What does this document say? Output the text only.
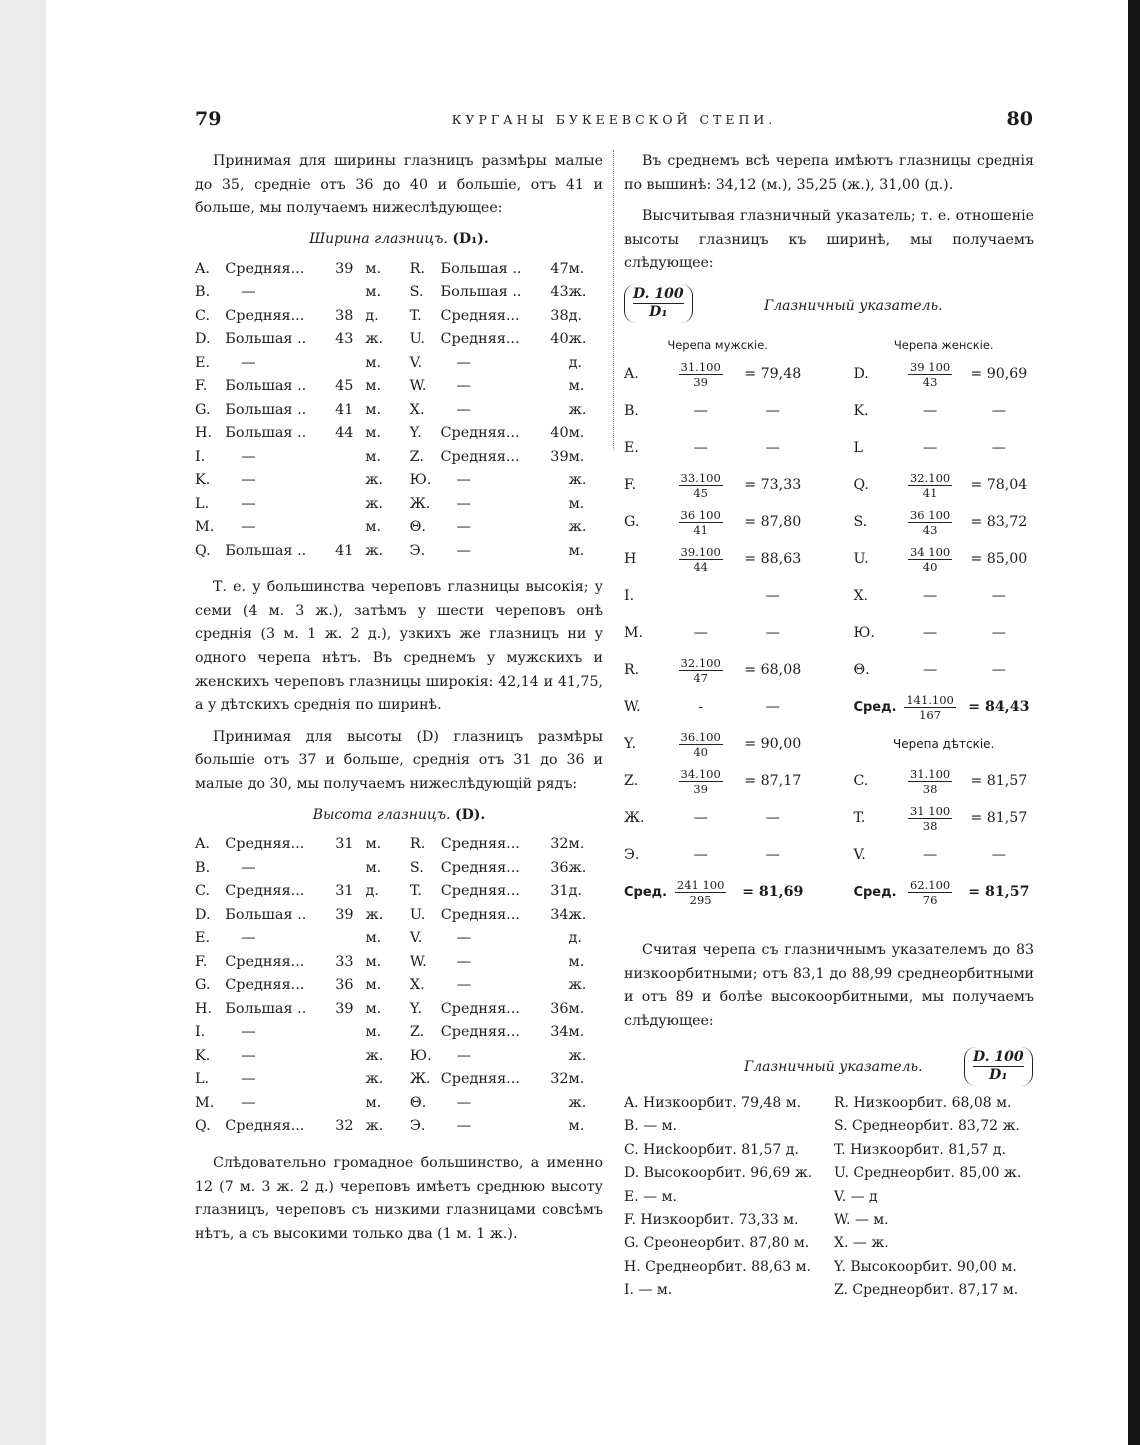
79	КУРГАНЫ БУКЕЕВСКОЙ СТЕПИ.	80

Принимая для ширины глазницъ размѣры малые до 35, средніе отъ 36 до 40 и большіе, отъ 41 и больше, мы получаемъ нижеслѣдующее:

Ширина глазницъ. (D₁).
A.	Средняя...	39		м.	R.	Большая ..	47	м.
B.	—			м.	S.	Большая ..	43	ж.
C.	Средняя...	38		д.	T.	Средняя...	38	д.
D.	Большая ..	43		ж.	U.	Средняя...	40	ж.
E.	—			м.	V.	—		д.
F.	Большая ..	45		м.	W.	—		м.
G.	Большая ..	41		м.	X.	—		ж.
H.	Большая ..	44		м.	Y.	Средняя...	40	м.
I.	—			м.	Z.	Средняя...	39	м.
K.	—			ж.	Ю.	—		ж.
L.	—			ж.	Ж.	—		м.
M.	—			м.	Θ.	—		ж.
Q.	Большая ..	41		ж.	Э.	—		м.

Т. е. у большинства череповъ глазницы высокія; у семи (4 м. 3 ж.), затѣмъ у шести череповъ онѣ среднія (3 м. 1 ж. 2 д.), узкихъ же глазницъ ни у одного черепа нѣтъ. Въ среднемъ у мужскихъ и женскихъ череповъ глазницы широкія: 42,14 и 41,75, а у дѣтскихъ среднія по ширинѣ.

Принимая для высоты (D) глазницъ размѣры большіе отъ 37 и больше, среднія отъ 31 до 36 и малые до 30, мы получаемъ нижеслѣдующій рядъ:

Высота глазницъ. (D).
A.	Средняя...	31		м.	R.	Средняя...	32	м.
B.	—			м.	S.	Средняя...	36	ж.
C.	Средняя...	31		д.	T.	Средняя...	31	д.
D.	Большая ..	39		ж.	U.	Средняя...	34	ж.
E.	—			м.	V.	—		д.
F.	Средняя...	33		м.	W.	—		м.
G.	Средняя...	36		м.	X.	—		ж.
H.	Большая ..	39		м.	Y.	Средняя...	36	м.
I.	—			м.	Z.	Средняя...	34	м.
K.	—			ж.	Ю.	—		ж.
L.	—			ж.	Ж.	Средняя...	32	м.
M.	—			м.	Θ.	—		ж.
Q.	Средняя...	32		ж.	Э.	—		м.

Слѣдовательно громадное большинство, а именно 12 (7 м. 3 ж. 2 д.) череповъ имѣетъ среднюю высоту глазницъ, череповъ съ низкими глазницами совсѣмъ нѣтъ, а съ высокими только два (1 м. 1 ж.).

Въ среднемъ всѣ черепа имѣютъ глазницы среднія по вышинѣ: 34,12 (м.), 35,25 (ж.), 31,00 (д.).

Высчитывая глазничный указатель; т. е. отношеніе высоты глазницъ къ ширинѣ, мы получаемъ слѣдующее:

$\frac{D. 100}{\text{D₁}}$	Глазничный указатель.
Черепа мужскіе.				Черепа женскіе.		
A.	$\frac{31.100}{39}$	= 79,48		D.	$\frac{39 100}{43}$	= 90,69
B.	—	—		K.	—	—
E.	—	—		L	—	—
F.	$\frac{33.100}{45}$	= 73,33		Q.	$\frac{32.100}{41}$	= 78,04
G.	$\frac{36 100}{41}$	= 87,80		S.	$\frac{36 100}{43}$	= 83,72
H	$\frac{39.100}{44}$	= 88,63		U.	$\frac{34 100}{40}$	= 85,00
I.		—		X.	—	—
M.	—	—		Ю.	—	—
R.	$\frac{32.100}{47}$	= 68,08		Θ.	—	—
W.	-	—		Сред.	$\frac{141.100}{167}$	= 84,43
Y.	$\frac{36.100}{40}$	= 90,00		Черепа дѣтскіе.		
Z.	$\frac{34.100}{39}$	= 87,17		C.	$\frac{31.100}{38}$	= 81,57
Ж.	—	—		T.	$\frac{31 100}{38}$	= 81,57
Э.	—	—		V.	—	—
Сред.	$\frac{241 100}{295}$	= 81,69		Сред.	$\frac{62.100}{76}$	= 81,57

Считая черепа съ глазничнымъ указателемъ до 83 низкоорбитными; отъ 83,1 до 88,99 среднеорбитными и отъ 89 и болѣе высокоорбитными, мы получаемъ слѣдующее:

Глазничный указатель.	$\frac{D. 100}{\text{D₁}}$
A. Низкоорбит. 79,48 м.	R. Низкоорбит. 68,08 м.
B. — м.	S. Среднеорбит. 83,72 ж.
C. Нисkоорбит. 81,57 д.	T. Низкоорбит. 81,57 д.
D. Высокоорбит. 96,69 ж.	U. Среднеорбит. 85,00 ж.
E. — м.	V. — д
F. Низкоорбит. 73,33 м.	W. — м.
G. Среонеорбит. 87,80 м.	X. — ж.
H. Среднеорбит. 88,63 м.	Y. Высокоорбит. 90,00 м.
I. — м.	Z. Среднеорбит. 87,17 м.
